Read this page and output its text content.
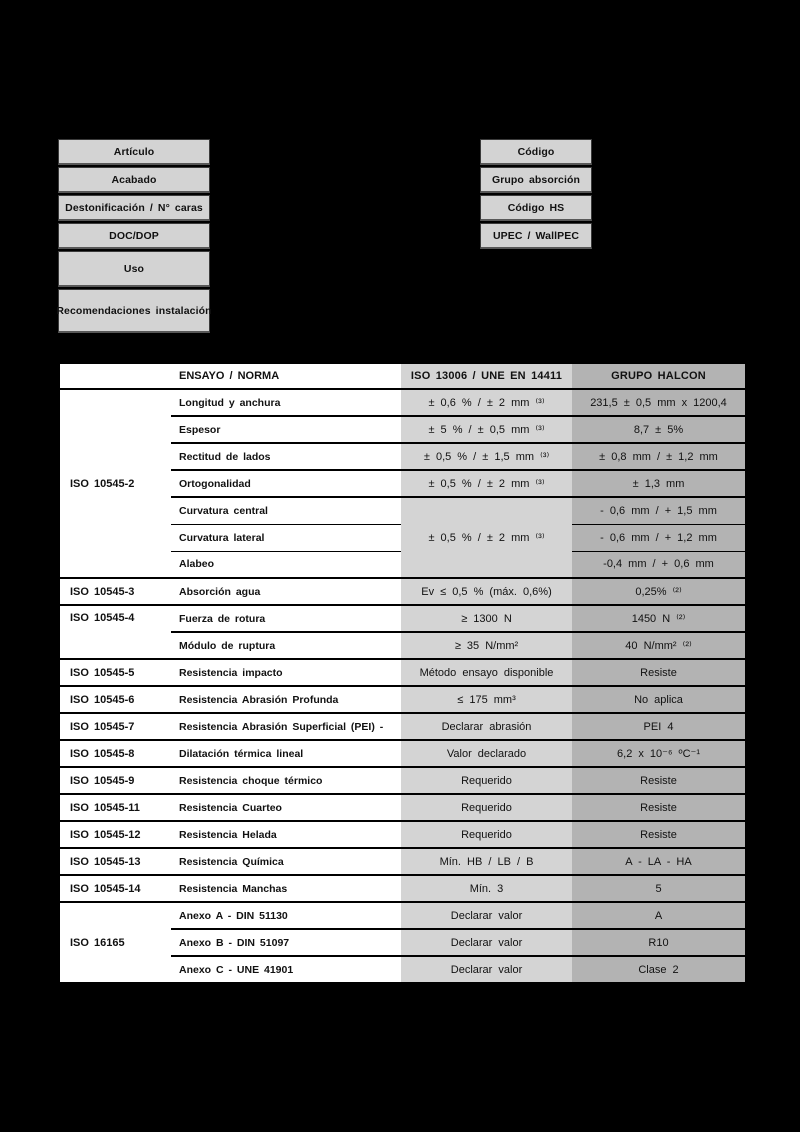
Artículo
Acabado
Destonificación / N° caras
DOC/DOP
Uso
Recomendaciones instalación
Código
Grupo absorción
Código HS
UPEC / WallPEC
	ENSAYO / NORMA	ISO 13006 / UNE EN 14411	GRUPO HALCON
ISO 10545-2	Longitud y anchura	± 0,6 % / ± 2 mm ⁽³⁾	231,5 ± 0,5 mm x 1200,4
	Espesor	± 5 % / ± 0,5 mm ⁽³⁾	8,7 ± 5%
	Rectitud de lados	± 0,5 % / ± 1,5 mm ⁽³⁾	± 0,8 mm / ± 1,2 mm
	Ortogonalidad	± 0,5 % / ± 2 mm ⁽³⁾	± 1,3 mm
	Curvatura central	± 0,5 % / ± 2 mm ⁽³⁾	- 0,6 mm / + 1,5 mm
	Curvatura lateral		- 0,6 mm / + 1,2 mm
	Alabeo		-0,4 mm / + 0,6 mm
ISO 10545-3	Absorción agua	Ev ≤ 0,5 % (máx. 0,6%)	0,25% ⁽²⁾
ISO 10545-4	Fuerza de rotura	≥ 1300 N	1450 N ⁽²⁾
	Módulo de ruptura	≥ 35 N/mm²	40 N/mm² ⁽²⁾
ISO 10545-5	Resistencia impacto	Método ensayo disponible	Resiste
ISO 10545-6	Resistencia Abrasión Profunda	≤ 175 mm³	No aplica
ISO 10545-7	Resistencia Abrasión Superficial (PEI) -	Declarar abrasión	PEI 4
ISO 10545-8	Dilatación térmica lineal	Valor declarado	6,2 x 10⁻⁶ ºC⁻¹
ISO 10545-9	Resistencia choque térmico	Requerido	Resiste
ISO 10545-11	Resistencia Cuarteo	Requerido	Resiste
ISO 10545-12	Resistencia Helada	Requerido	Resiste
ISO 10545-13	Resistencia Química	Mín. HB / LB / B	A - LA - HA
ISO 10545-14	Resistencia Manchas	Mín. 3	5
ISO 16165	Anexo A - DIN 51130	Declarar valor	A
	Anexo B - DIN 51097	Declarar valor	R10
	Anexo C - UNE 41901	Declarar valor	Clase 2
